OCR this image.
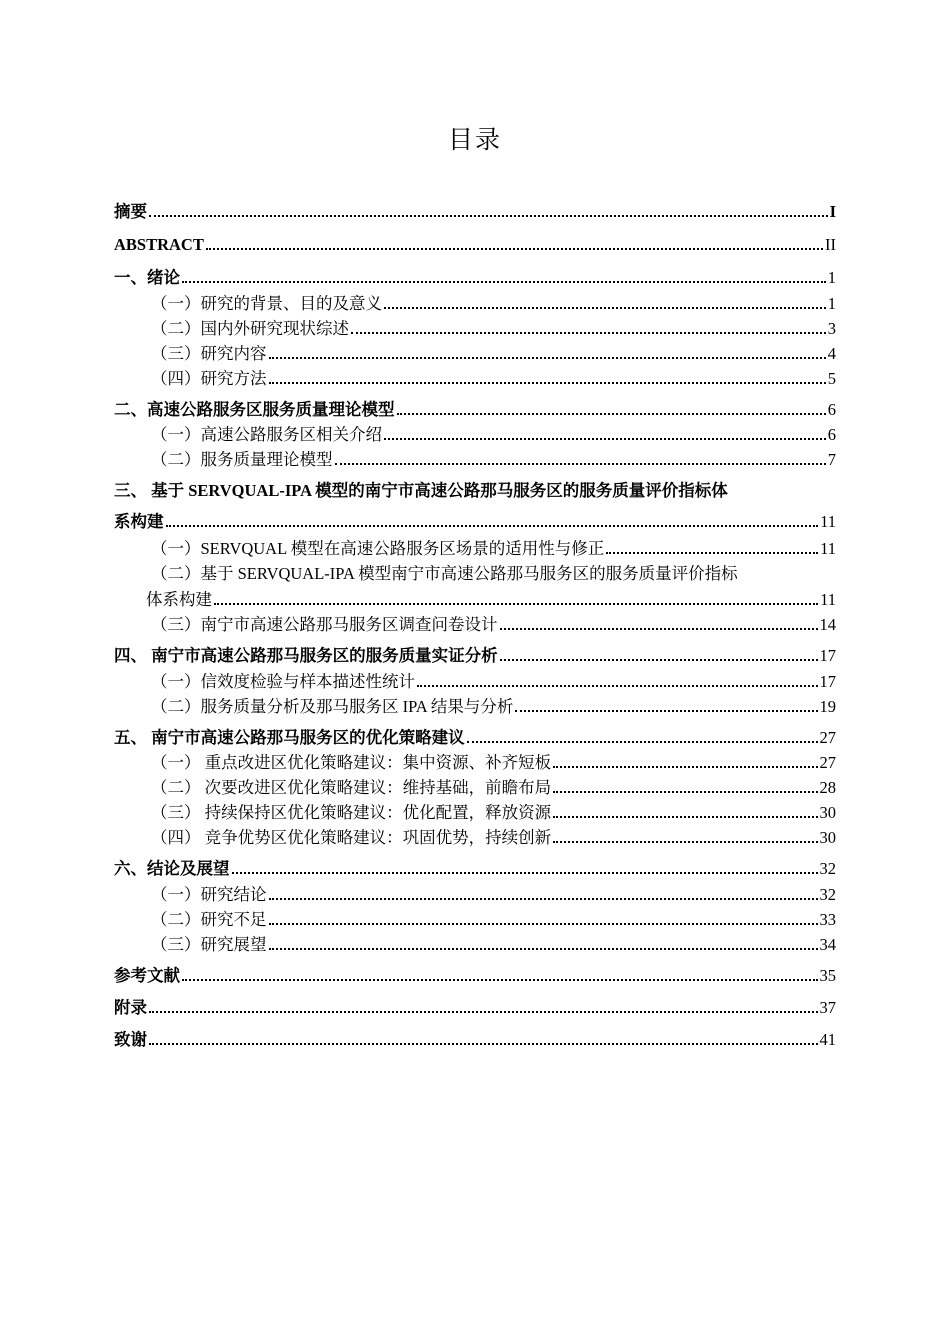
目录
摘要	I
ABSTRACT	II
一、绪论	1
（一）研究的背景、目的及意义	1
（二）国内外研究现状综述	3
（三）研究内容	4
（四）研究方法	5
二、高速公路服务区服务质量理论模型	6
（一）高速公路服务区相关介绍	6
（二）服务质量理论模型	7
三、 基于 SERVQUAL-IPA 模型的南宁市高速公路那马服务区的服务质量评价指标体
系构建	11
（一）SERVQUAL 模型在高速公路服务区场景的适用性与修正	11
（二）基于 SERVQUAL-IPA 模型南宁市高速公路那马服务区的服务质量评价指标
体系构建	11
（三）南宁市高速公路那马服务区调查问卷设计	14
四、 南宁市高速公路那马服务区的服务质量实证分析	17
（一）信效度检验与样本描述性统计	17
（二）服务质量分析及那马服务区 IPA 结果与分析	19
五、 南宁市高速公路那马服务区的优化策略建议	27
（一） 重点改进区优化策略建议：集中资源、补齐短板	27
（二） 次要改进区优化策略建议：维持基础，前瞻布局	28
（三） 持续保持区优化策略建议：优化配置，释放资源	30
（四） 竞争优势区优化策略建议：巩固优势，持续创新	30
六、结论及展望	32
（一）研究结论	32
（二）研究不足	33
（三）研究展望	34
参考文献	35
附录	37
致谢	41
